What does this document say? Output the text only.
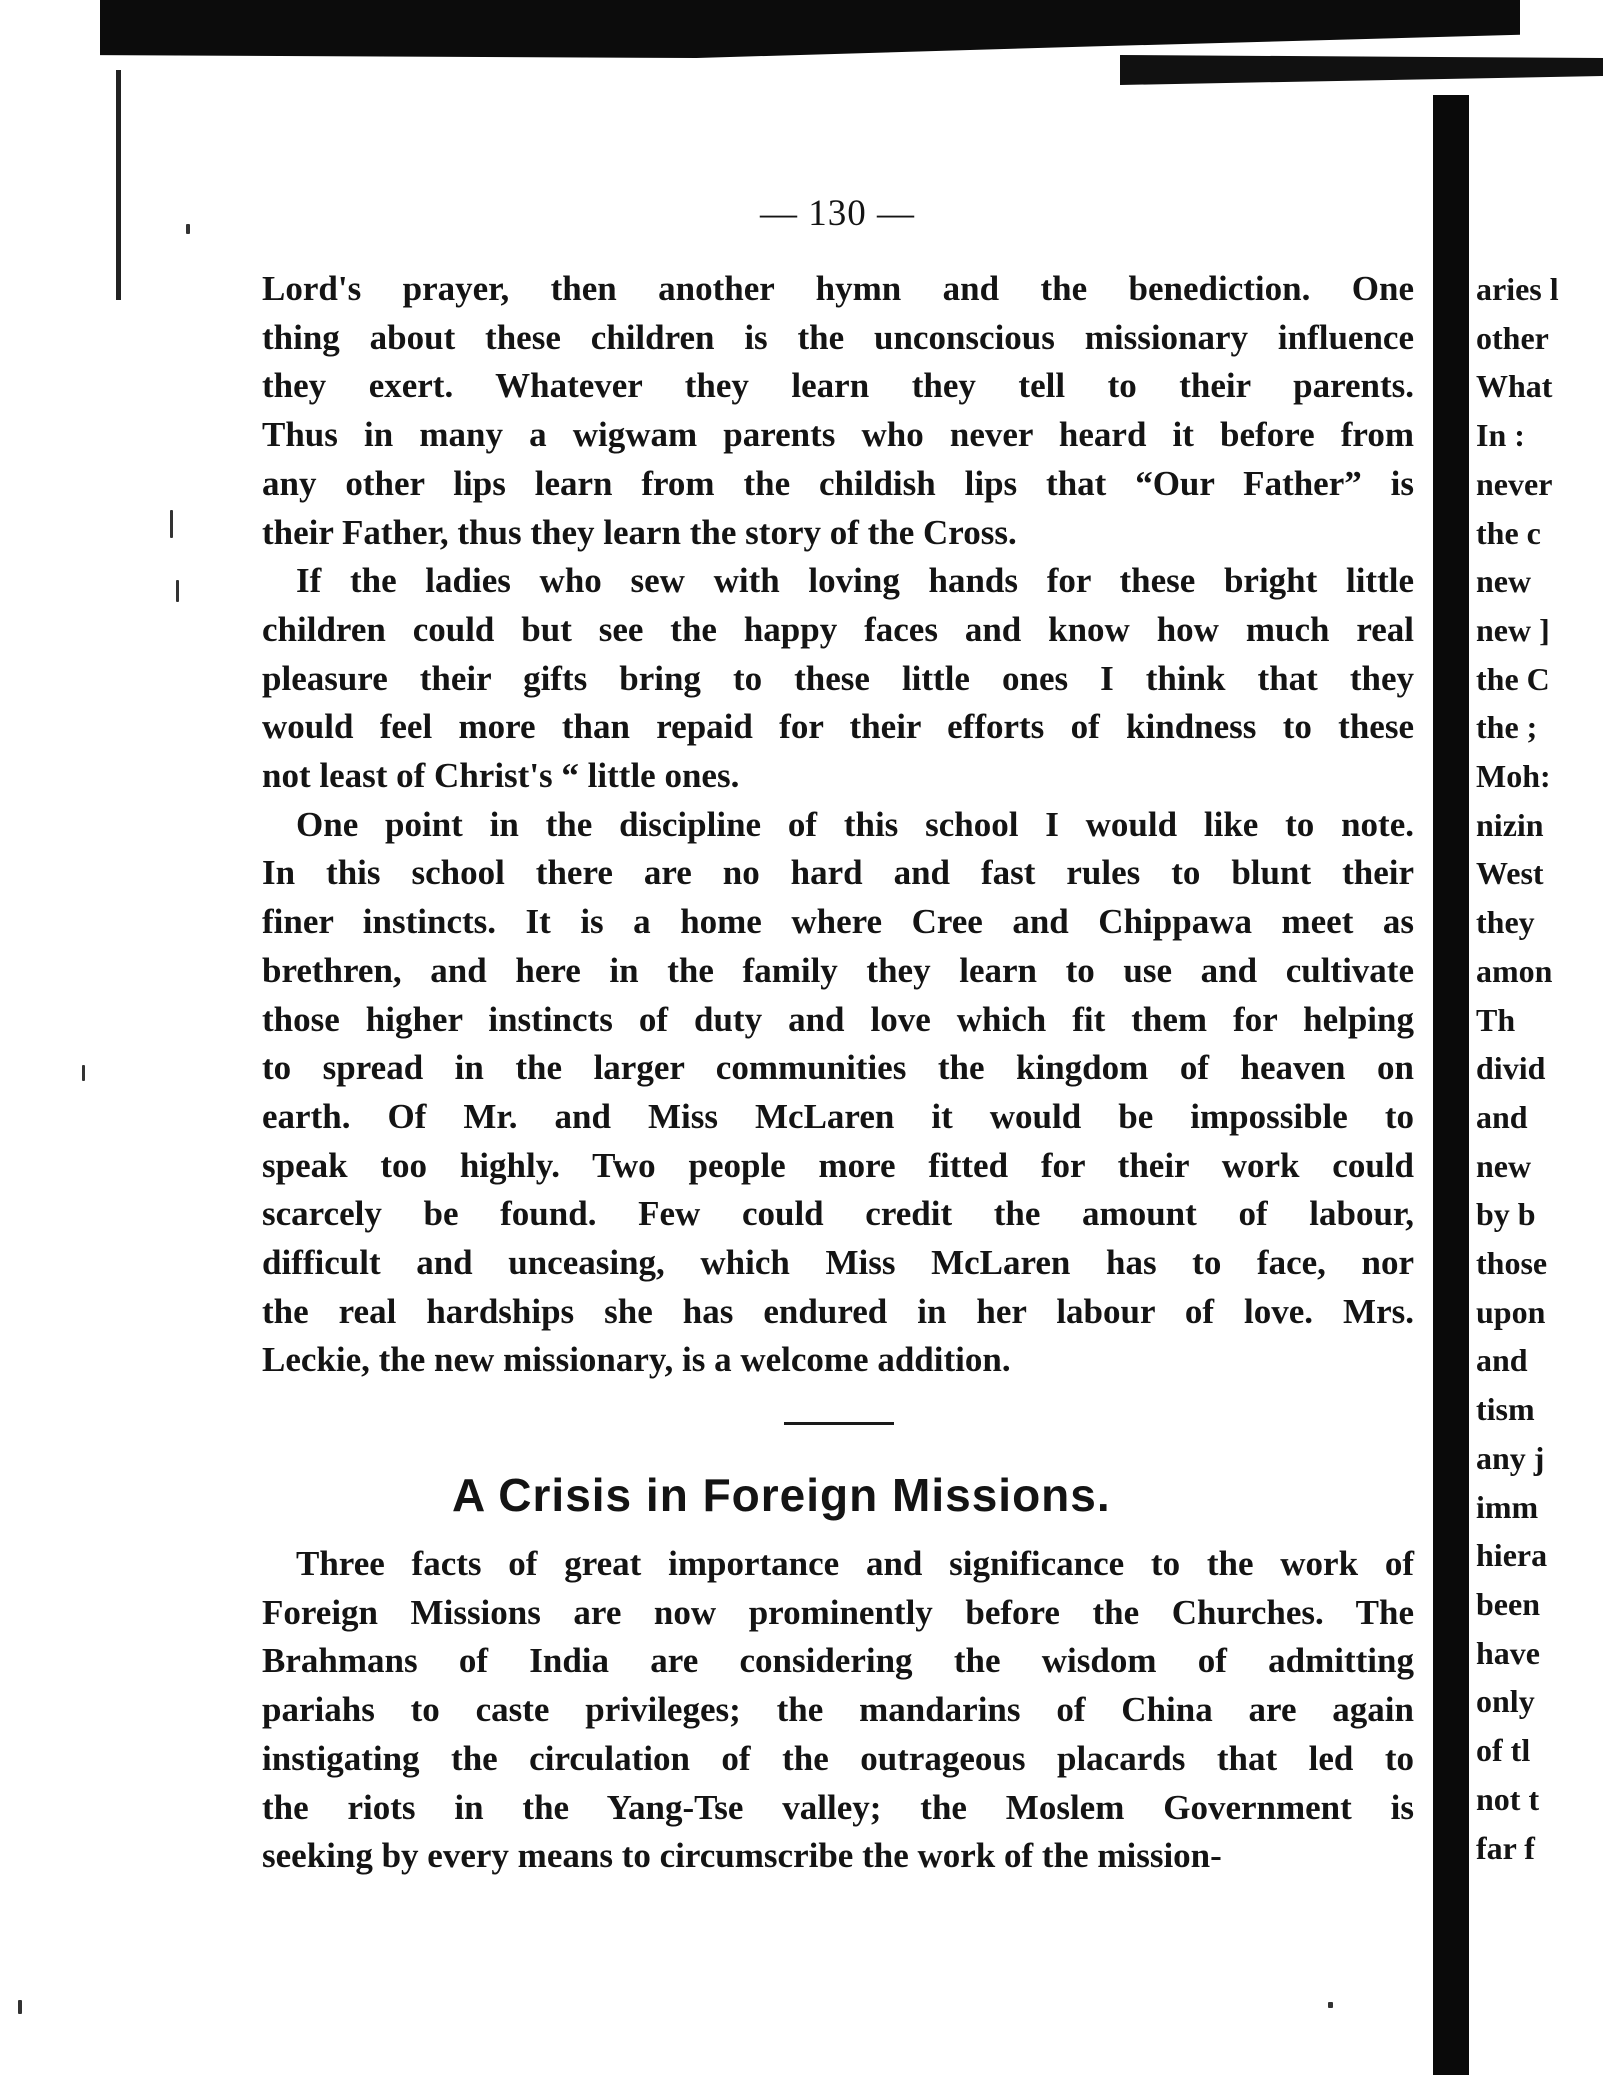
— 130 —
Lord's prayer, then another hymn and the benediction. One
thing about these children is the unconscious missionary influence
they exert. Whatever they learn they tell to their parents.
Thus in many a wigwam parents who never heard it before from
any other lips learn from the childish lips that “Our Father” is
their Father, thus they learn the story of the Cross.
If the ladies who sew with loving hands for these bright little
children could but see the happy faces and know how much real
pleasure their gifts bring to these little ones I think that they
would feel more than repaid for their efforts of kindness to these
not least of Christ's “ little ones.
One point in the discipline of this school I would like to note.
In this school there are no hard and fast rules to blunt their
finer instincts. It is a home where Cree and Chippawa meet as
brethren, and here in the family they learn to use and cultivate
those higher instincts of duty and love which fit them for helping
to spread in the larger communities the kingdom of heaven on
earth. Of Mr. and Miss McLaren it would be impossible to
speak too highly. Two people more fitted for their work could
scarcely be found. Few could credit the amount of labour,
difficult and unceasing, which Miss McLaren has to face, nor
the real hardships she has endured in her labour of love. Mrs.
Leckie, the new missionary, is a welcome addition.
A Crisis in Foreign Missions.
Three facts of great importance and significance to the work of
Foreign Missions are now prominently before the Churches. The
Brahmans of India are considering the wisdom of admitting
pariahs to caste privileges; the mandarins of China are again
instigating the circulation of the outrageous placards that led to
the riots in the Yang-Tse valley; the Moslem Government is
seeking by every means to circumscribe the work of the mission-
aries l
other
What
In :
never
the c
new
new ]
the C
the ;
Moh:
nizin
West
they
amon
Th
divid
and
new
by b
those
upon
and
tism
any j
imm
hiera
been
have
only
of tl
not t
far f
